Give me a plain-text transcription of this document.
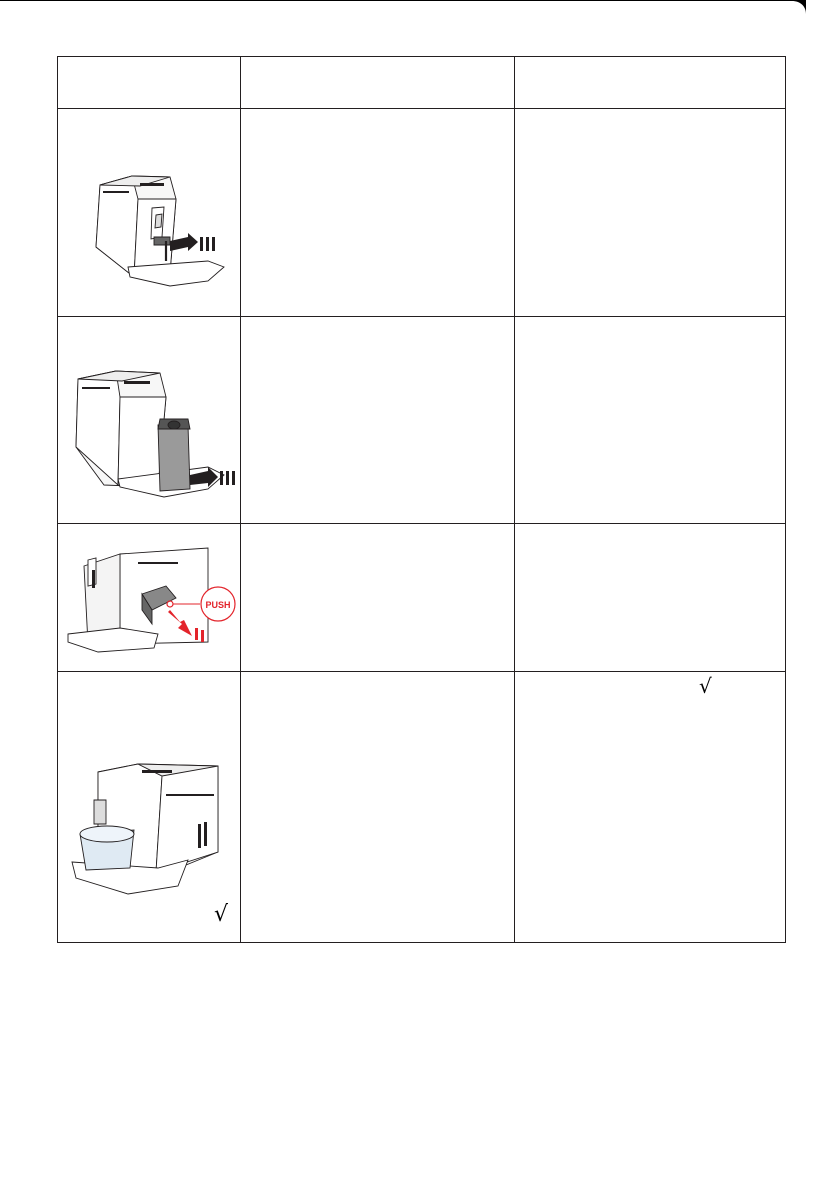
PUSH		

√		√
